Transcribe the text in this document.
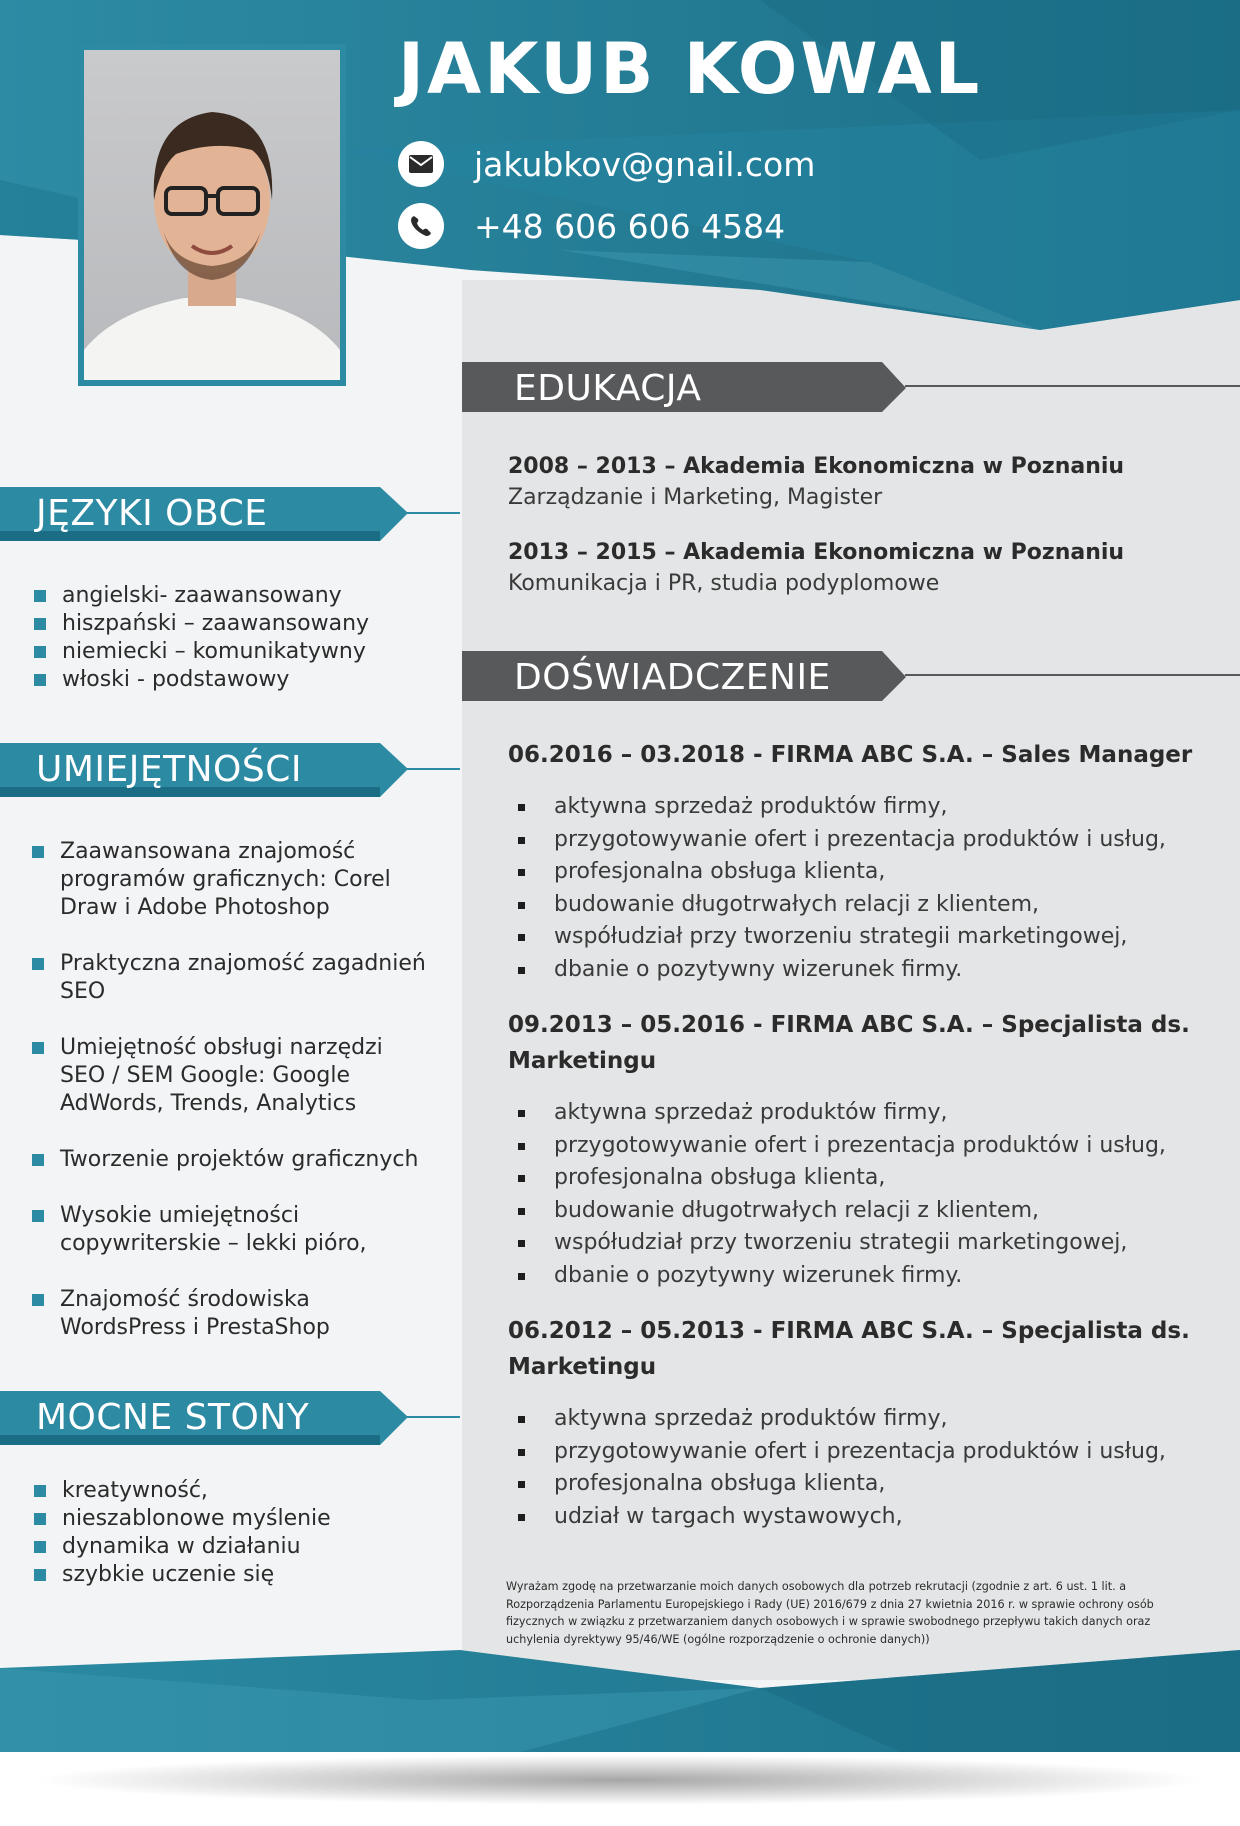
JAKUB KOWAL
jakubkov@gnail.com
+48 606 606 4584
JĘZYKI OBCE
angielski- zaawansowany
hiszpański – zaawansowany
niemiecki – komunikatywny
włoski - podstawowy
UMIEJĘTNOŚCI
Zaawansowana znajomość programów graficznych: Corel Draw i Adobe Photoshop
Praktyczna znajomość zagadnień SEO
Umiejętność obsługi narzędzi SEO / SEM Google: Google AdWords, Trends, Analytics
Tworzenie projektów graficznych
Wysokie umiejętności copywriterskie – lekki pióro,
Znajomość środowiska WordsPress i PrestaShop
MOCNE STONY
kreatywność,
nieszablonowe myślenie
dynamika w działaniu
szybkie uczenie się
EDUKACJA
2008 – 2013 – Akademia Ekonomiczna w Poznaniu
Zarządzanie i Marketing, Magister
2013 – 2015 – Akademia Ekonomiczna w Poznaniu
Komunikacja i PR, studia podyplomowe
DOŚWIADCZENIE
06.2016 – 03.2018 - FIRMA ABC S.A. – Sales Manager
aktywna sprzedaż produktów firmy,
przygotowywanie ofert i prezentacja produktów i usług,
profesjonalna obsługa klienta,
budowanie długotrwałych relacji z klientem,
współudział przy tworzeniu strategii marketingowej,
dbanie o pozytywny wizerunek firmy.
09.2013 – 05.2016 - FIRMA ABC S.A. – Specjalista ds. Marketingu
aktywna sprzedaż produktów firmy,
przygotowywanie ofert i prezentacja produktów i usług,
profesjonalna obsługa klienta,
budowanie długotrwałych relacji z klientem,
współudział przy tworzeniu strategii marketingowej,
dbanie o pozytywny wizerunek firmy.
06.2012 – 05.2013 - FIRMA ABC S.A. – Specjalista ds. Marketingu
aktywna sprzedaż produktów firmy,
przygotowywanie ofert i prezentacja produktów i usług,
profesjonalna obsługa klienta,
udział w targach wystawowych,
Wyrażam zgodę na przetwarzanie moich danych osobowych dla potrzeb rekrutacji (zgodnie z art. 6 ust. 1 lit. a Rozporządzenia Parlamentu Europejskiego i Rady (UE) 2016/679 z dnia 27 kwietnia 2016 r. w sprawie ochrony osób fizycznych w związku z przetwarzaniem danych osobowych i w sprawie swobodnego przepływu takich danych oraz uchylenia dyrektywy 95/46/WE (ogólne rozporządzenie o ochronie danych))
